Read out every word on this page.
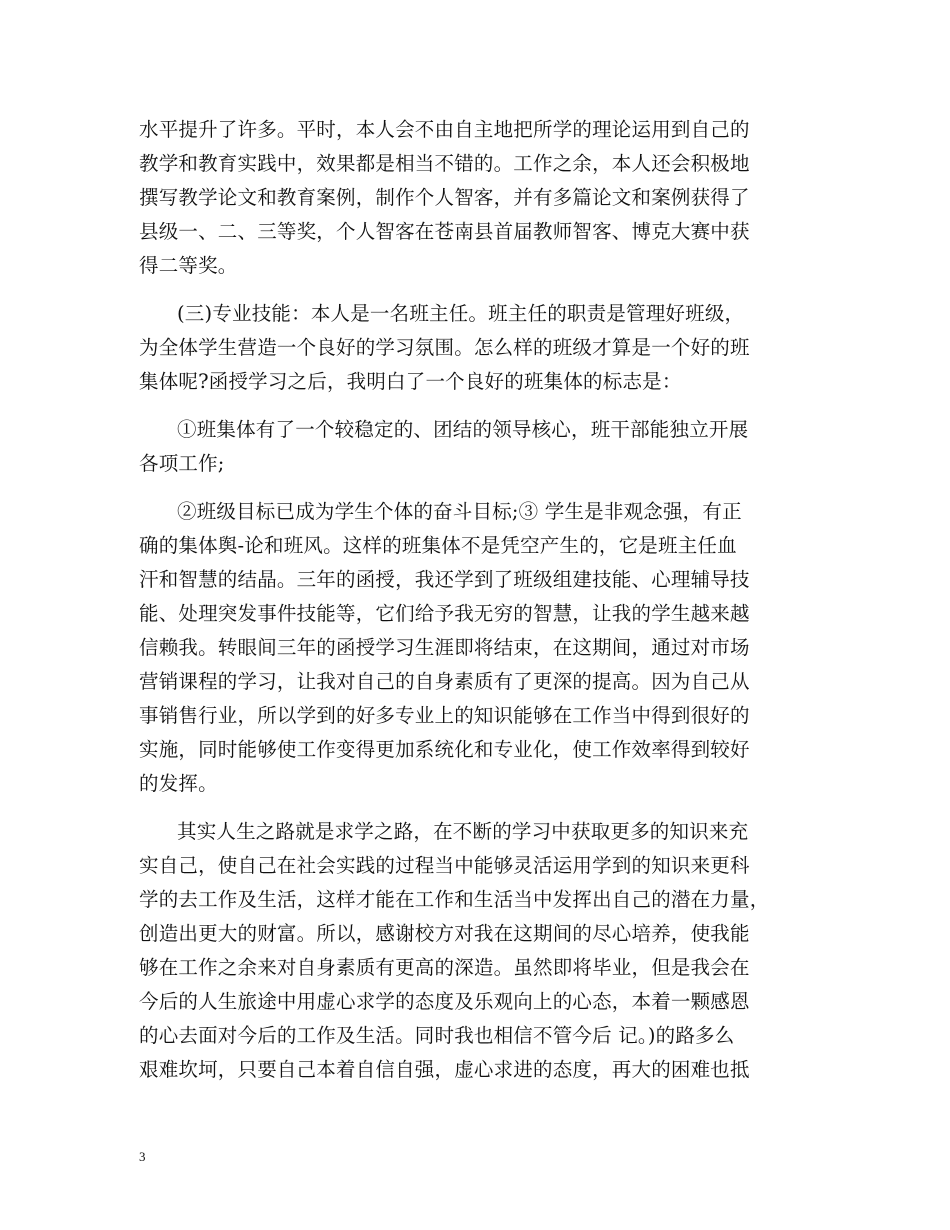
水平提升了许多。平时，本人会不由自主地把所学的理论运用到自己的
教学和教育实践中，效果都是相当不错的。工作之余，本人还会积极地
撰写教学论文和教育案例，制作个人智客，并有多篇论文和案例获得了
县级一、二、三等奖，个人智客在苍南县首届教师智客、博克大赛中获
得二等奖。
(三)专业技能：本人是一名班主任。班主任的职责是管理好班级，
为全体学生营造一个良好的学习氛围。怎么样的班级才算是一个好的班
集体呢?函授学习之后，我明白了一个良好的班集体的标志是：
①班集体有了一个较稳定的、团结的领导核心，班干部能独立开展
各项工作;
②班级目标已成为学生个体的奋斗目标;③ 学生是非观念强，有正
确的集体舆-论和班风。这样的班集体不是凭空产生的，它是班主任血
汗和智慧的结晶。三年的函授，我还学到了班级组建技能、心理辅导技
能、处理突发事件技能等，它们给予我无穷的智慧，让我的学生越来越
信赖我。转眼间三年的函授学习生涯即将结束，在这期间，通过对市场
营销课程的学习，让我对自己的自身素质有了更深的提高。因为自己从
事销售行业，所以学到的好多专业上的知识能够在工作当中得到很好的
实施，同时能够使工作变得更加系统化和专业化，使工作效率得到较好
的发挥。
其实人生之路就是求学之路，在不断的学习中获取更多的知识来充
实自己，使自己在社会实践的过程当中能够灵活运用学到的知识来更科
学的去工作及生活，这样才能在工作和生活当中发挥出自己的潜在力量，
创造出更大的财富。所以，感谢校方对我在这期间的尽心培养，使我能
够在工作之余来对自身素质有更高的深造。虽然即将毕业，但是我会在
今后的人生旅途中用虚心求学的态度及乐观向上的心态，本着一颗感恩
的心去面对今后的工作及生活。同时我也相信不管今后 记。)的路多么
艰难坎坷，只要自己本着自信自强，虚心求进的态度，再大的困难也抵
3
